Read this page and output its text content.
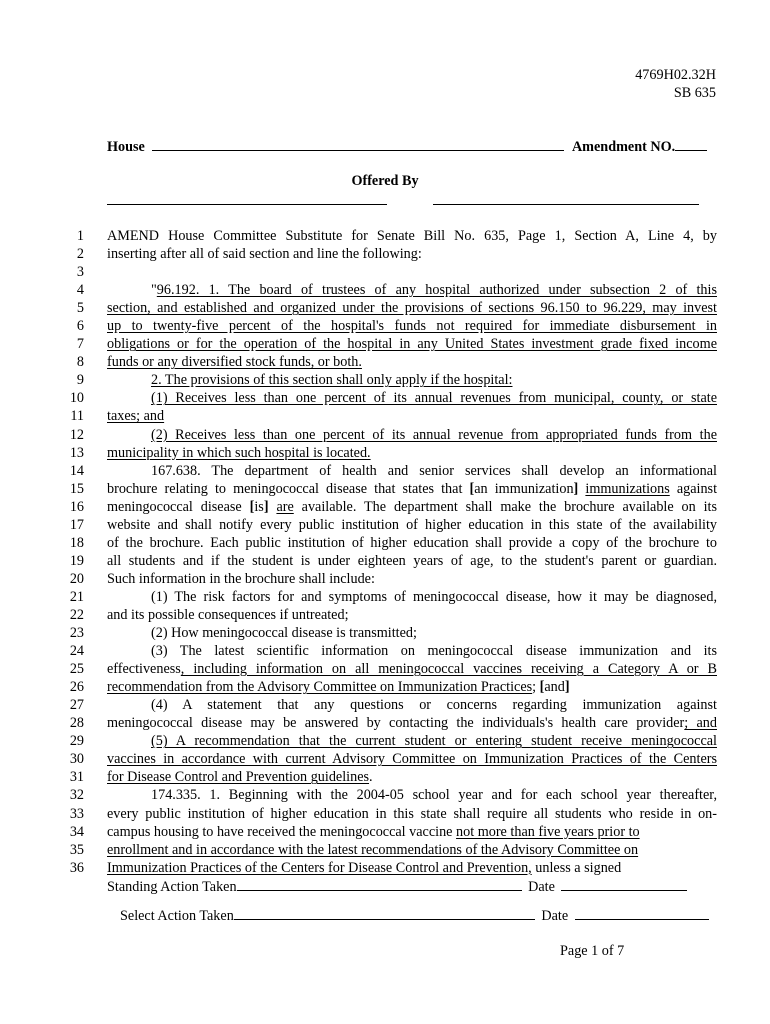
4769H02.32H
SB 635
House	Amendment NO.
Offered By
1 AMEND House Committee Substitute for Senate Bill No. 635, Page 1, Section A, Line 4, by
2 inserting after all of said section and line the following:
3
4	"96.192. 1. The board of trustees of any hospital authorized under subsection 2 of this
5 section, and established and organized under the provisions of sections 96.150 to 96.229, may invest
6 up to twenty-five percent of the hospital's funds not required for immediate disbursement in
7 obligations or for the operation of the hospital in any United States investment grade fixed income
8 funds or any diversified stock funds, or both.
9	2. The provisions of this section shall only apply if the hospital:
10	(1) Receives less than one percent of its annual revenues from municipal, county, or state
11 taxes; and
12	(2) Receives less than one percent of its annual revenue from appropriated funds from the
13 municipality in which such hospital is located.
14	167.638. The department of health and senior services shall develop an informational
15 brochure relating to meningococcal disease that states that [an immunization] immunizations against
16 meningococcal disease [is] are available. The department shall make the brochure available on its
17 website and shall notify every public institution of higher education in this state of the availability
18 of the brochure. Each public institution of higher education shall provide a copy of the brochure to
19 all students and if the student is under eighteen years of age, to the student's parent or guardian.
20 Such information in the brochure shall include:
21	(1) The risk factors for and symptoms of meningococcal disease, how it may be diagnosed,
22 and its possible consequences if untreated;
23	(2) How meningococcal disease is transmitted;
24	(3) The latest scientific information on meningococcal disease immunization and its
25 effectiveness, including information on all meningococcal vaccines receiving a Category A or B
26 recommendation from the Advisory Committee on Immunization Practices; [and]
27	(4) A statement that any questions or concerns regarding immunization against
28 meningococcal disease may be answered by contacting the individuals's health care provider; and
29	(5) A recommendation that the current student or entering student receive meningococcal
30 vaccines in accordance with current Advisory Committee on Immunization Practices of the Centers
31 for Disease Control and Prevention guidelines.
32	174.335. 1. Beginning with the 2004-05 school year and for each school year thereafter,
33 every public institution of higher education in this state shall require all students who reside in on-
34 campus housing to have received the meningococcal vaccine not more than five years prior to
35 enrollment and in accordance with the latest recommendations of the Advisory Committee on
36 Immunization Practices of the Centers for Disease Control and Prevention, unless a signed
Standing Action Taken	Date
Select Action Taken	Date
Page 1 of 7
